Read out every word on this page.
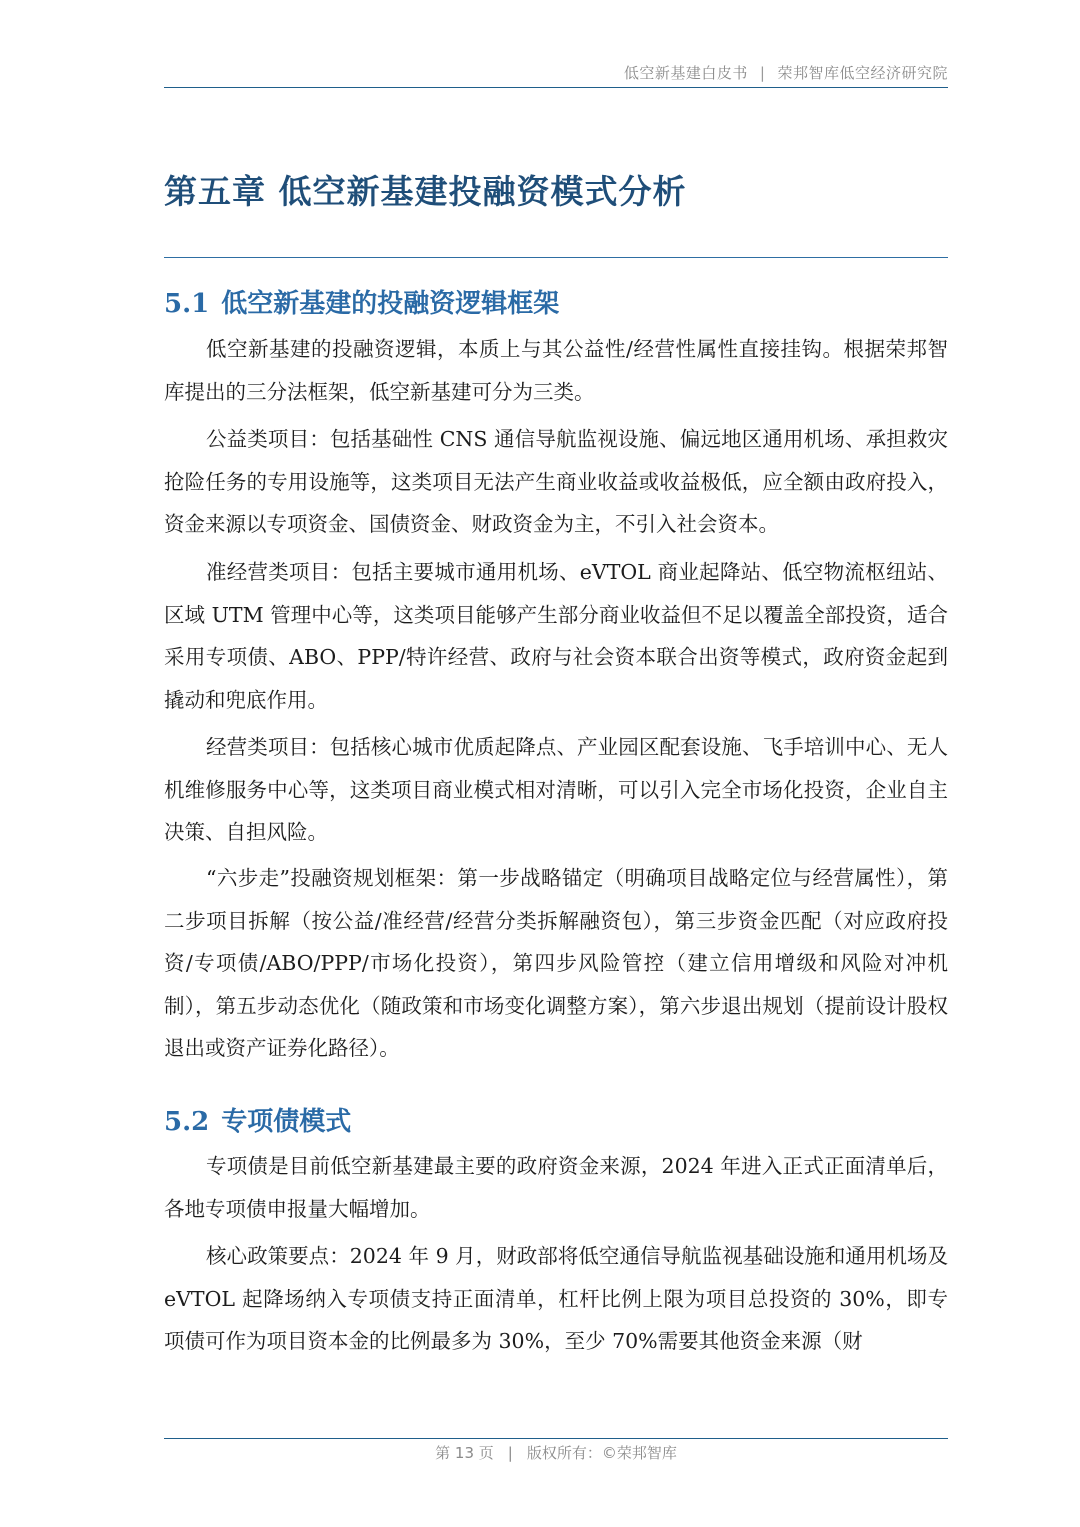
低空新基建白皮书 | 荣邦智库低空经济研究院
第五章 低空新基建投融资模式分析
5.1 低空新基建的投融资逻辑框架
低空新基建的投融资逻辑，本质上与其公益性/经营性属性直接挂钩。根据荣邦智库提出的三分法框架，低空新基建可分为三类。
公益类项目：包括基础性 CNS 通信导航监视设施、偏远地区通用机场、承担救灾抢险任务的专用设施等，这类项目无法产生商业收益或收益极低，应全额由政府投入，资金来源以专项资金、国债资金、财政资金为主，不引入社会资本。
准经营类项目：包括主要城市通用机场、eVTOL 商业起降站、低空物流枢纽站、区域 UTM 管理中心等，这类项目能够产生部分商业收益但不足以覆盖全部投资，适合采用专项债、ABO、PPP/特许经营、政府与社会资本联合出资等模式，政府资金起到撬动和兜底作用。
经营类项目：包括核心城市优质起降点、产业园区配套设施、飞手培训中心、无人机维修服务中心等，这类项目商业模式相对清晰，可以引入完全市场化投资，企业自主决策、自担风险。
“六步走”投融资规划框架：第一步战略锚定（明确项目战略定位与经营属性），第二步项目拆解（按公益/准经营/经营分类拆解融资包），第三步资金匹配（对应政府投资/专项债/ABO/PPP/市场化投资），第四步风险管控（建立信用增级和风险对冲机制），第五步动态优化（随政策和市场变化调整方案），第六步退出规划（提前设计股权退出或资产证券化路径）。
5.2 专项债模式
专项债是目前低空新基建最主要的政府资金来源，2024 年进入正式正面清单后，各地专项债申报量大幅增加。
核心政策要点：2024 年 9 月，财政部将低空通信导航监视基础设施和通用机场及 eVTOL 起降场纳入专项债支持正面清单，杠杆比例上限为项目总投资的 30%，即专项债可作为项目资本金的比例最多为 30%，至少 70%需要其他资金来源（财
第 13 页 | 版权所有：©荣邦智库
